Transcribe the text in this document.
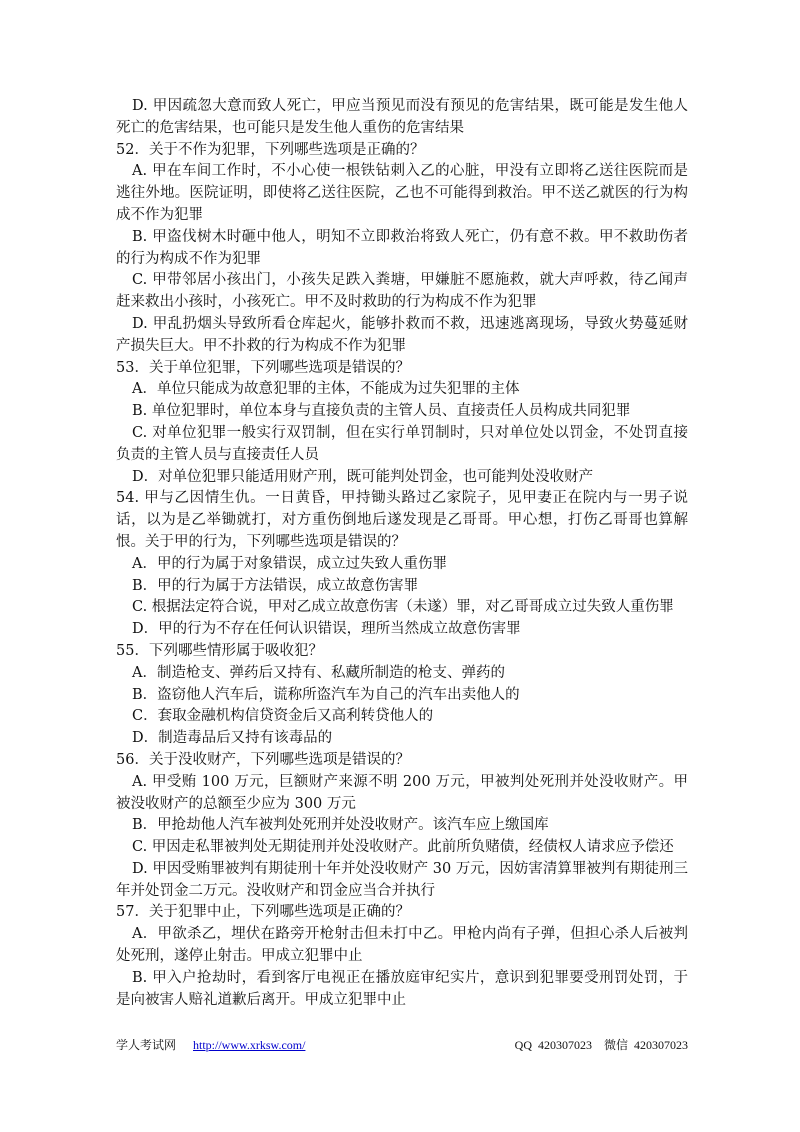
D. 甲因疏忽大意而致人死亡，甲应当预见而没有预见的危害结果，既可能是发生他人死亡的危害结果，也可能只是发生他人重伤的危害结果

52．关于不作为犯罪，下列哪些选项是正确的？

A. 甲在车间工作时，不小心使一根铁钻刺入乙的心脏，甲没有立即将乙送往医院而是逃往外地。医院证明，即使将乙送往医院，乙也不可能得到救治。甲不送乙就医的行为构成不作为犯罪

B. 甲盗伐树木时砸中他人，明知不立即救治将致人死亡，仍有意不救。甲不救助伤者的行为构成不作为犯罪

C. 甲带邻居小孩出门，小孩失足跌入粪塘，甲嫌脏不愿施救，就大声呼救，待乙闻声赶来救出小孩时，小孩死亡。甲不及时救助的行为构成不作为犯罪

D. 甲乱扔烟头导致所看仓库起火，能够扑救而不救，迅速逃离现场，导致火势蔓延财产损失巨大。甲不扑救的行为构成不作为犯罪

53．关于单位犯罪，下列哪些选项是错误的？

A．单位只能成为故意犯罪的主体，不能成为过失犯罪的主体

B. 单位犯罪时，单位本身与直接负责的主管人员、直接责任人员构成共同犯罪

C. 对单位犯罪一般实行双罚制，但在实行单罚制时，只对单位处以罚金，不处罚直接负责的主管人员与直接责任人员

D．对单位犯罪只能适用财产刑，既可能判处罚金，也可能判处没收财产

54. 甲与乙因情生仇。一日黄昏，甲持锄头路过乙家院子，见甲妻正在院内与一男子说话，以为是乙举锄就打，对方重伤倒地后遂发现是乙哥哥。甲心想，打伤乙哥哥也算解恨。关于甲的行为，下列哪些选项是错误的？

A．甲的行为属于对象错误，成立过失致人重伤罪

B．甲的行为属于方法错误，成立故意伤害罪

C. 根据法定符合说，甲对乙成立故意伤害（未遂）罪，对乙哥哥成立过失致人重伤罪

D．甲的行为不存在任何认识错误，理所当然成立故意伤害罪

55．下列哪些情形属于吸收犯？

A．制造枪支、弹药后又持有、私藏所制造的枪支、弹药的

B．盗窃他人汽车后，谎称所盗汽车为自己的汽车出卖他人的

C．套取金融机构信贷资金后又高利转贷他人的

D．制造毒品后又持有该毒品的

56．关于没收财产，下列哪些选项是错误的？

A. 甲受贿 100 万元，巨额财产来源不明 200 万元，甲被判处死刑并处没收财产。甲被没收财产的总额至少应为 300 万元

B．甲抢劫他人汽车被判处死刑并处没收财产。该汽车应上缴国库

C. 甲因走私罪被判处无期徒刑并处没收财产。此前所负赌债，经债权人请求应予偿还

D. 甲因受贿罪被判有期徒刑十年并处没收财产 30 万元，因妨害清算罪被判有期徒刑三年并处罚金二万元。没收财产和罚金应当合并执行

57．关于犯罪中止，下列哪些选项是正确的？

A．甲欲杀乙，埋伏在路旁开枪射击但未打中乙。甲枪内尚有子弹，但担心杀人后被判处死刑，遂停止射击。甲成立犯罪中止

B. 甲入户抢劫时，看到客厅电视正在播放庭审纪实片，意识到犯罪要受刑罚处罚，于是向被害人赔礼道歉后离开。甲成立犯罪中止

学人考试网 http://www.xrksw.com/	QQ  420307023    微信  420307023
